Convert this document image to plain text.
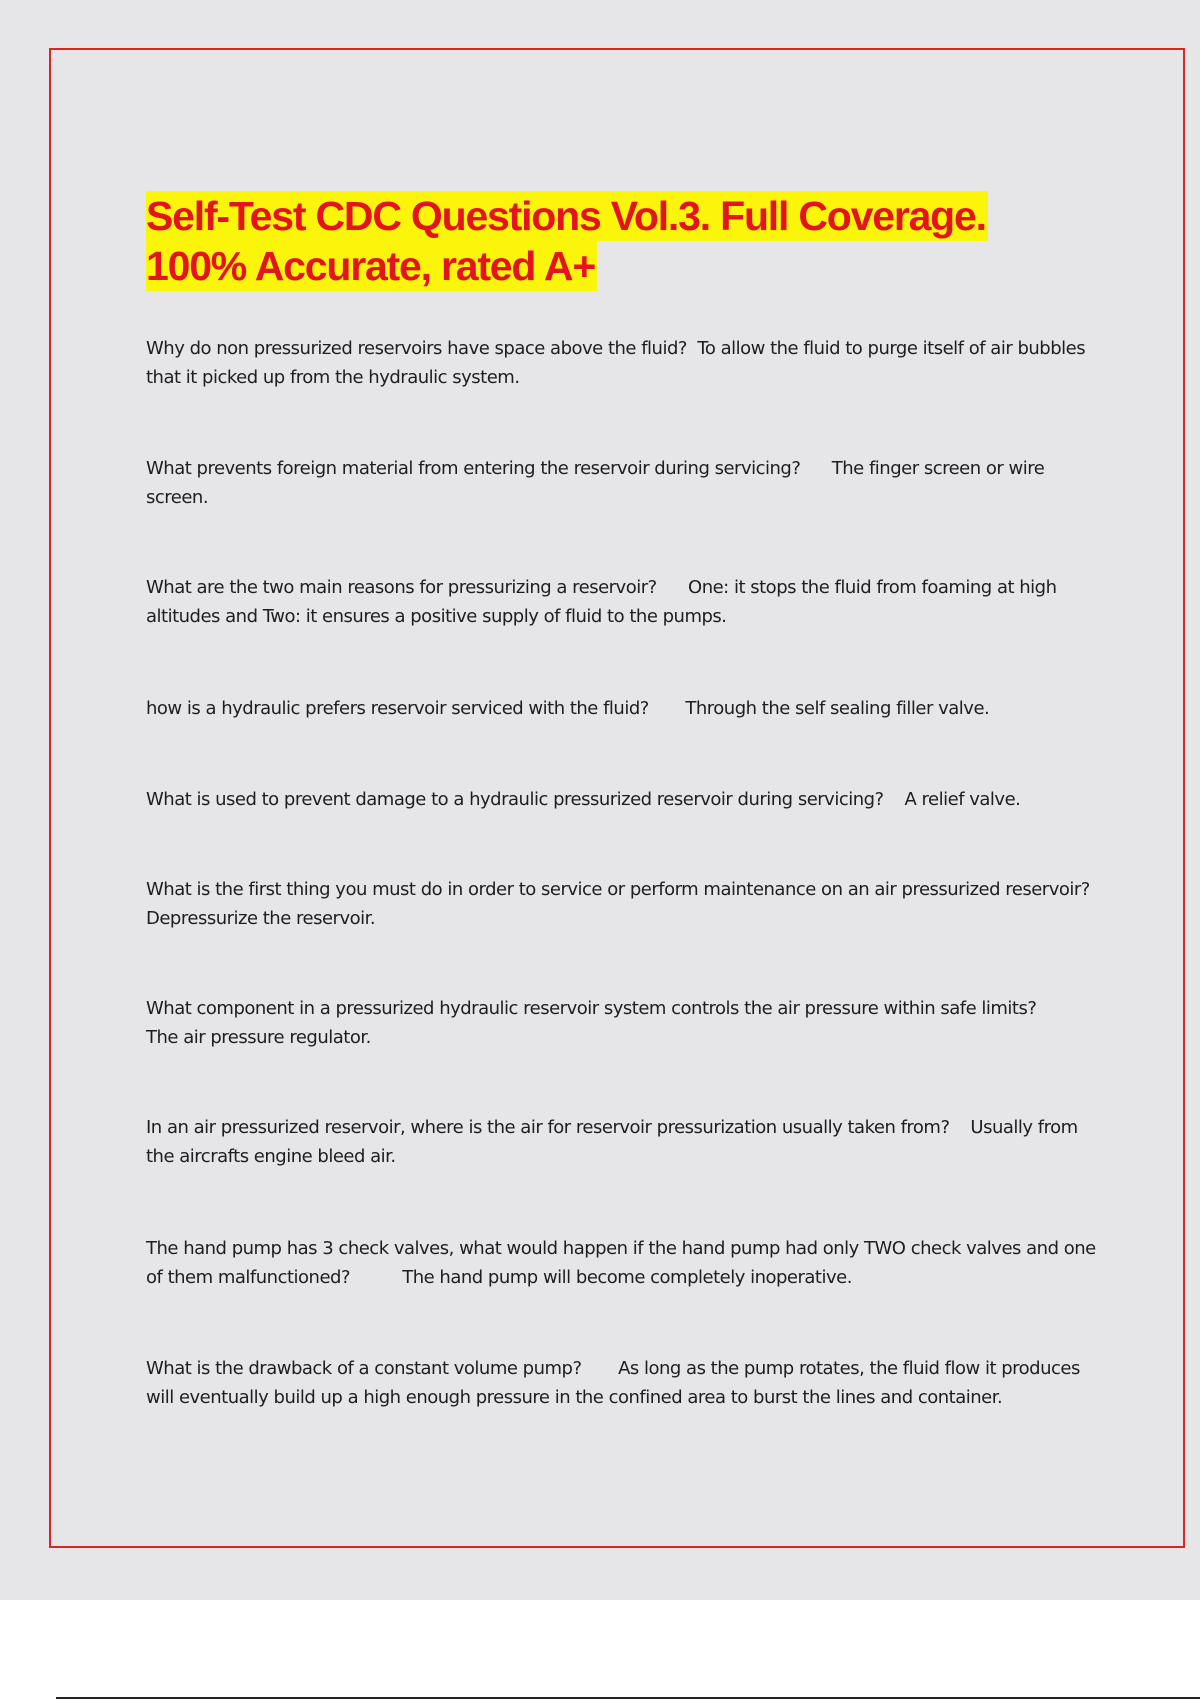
Self-Test CDC Questions Vol.3. Full Coverage.
100% Accurate, rated A+

Why do non pressurized reservoirs have space above the fluid? To allow the fluid to purge itself of air bubbles that it picked up from the hydraulic system.

What prevents foreign material from entering the reservoir during servicing? The finger screen or wire screen.

What are the two main reasons for pressurizing a reservoir? One: it stops the fluid from foaming at high altitudes and Two: it ensures a positive supply of fluid to the pumps.

how is a hydraulic prefers reservoir serviced with the fluid? Through the self sealing filler valve.

What is used to prevent damage to a hydraulic pressurized reservoir during servicing? A relief valve.

What is the first thing you must do in order to service or perform maintenance on an air pressurized reservoir?         Depressurize the reservoir.

What component in a pressurized hydraulic reservoir system controls the air pressure within safe limits?           The air pressure regulator.

In an air pressurized reservoir, where is the air for reservoir pressurization usually taken from? Usually from the aircrafts engine bleed air.

The hand pump has 3 check valves, what would happen if the hand pump had only TWO check valves and one of them malfunctioned?	The hand pump will become completely inoperative.

What is the drawback of a constant volume pump? As long as the pump rotates, the fluid flow it produces will eventually build up a high enough pressure in the confined area to burst the lines and container.
